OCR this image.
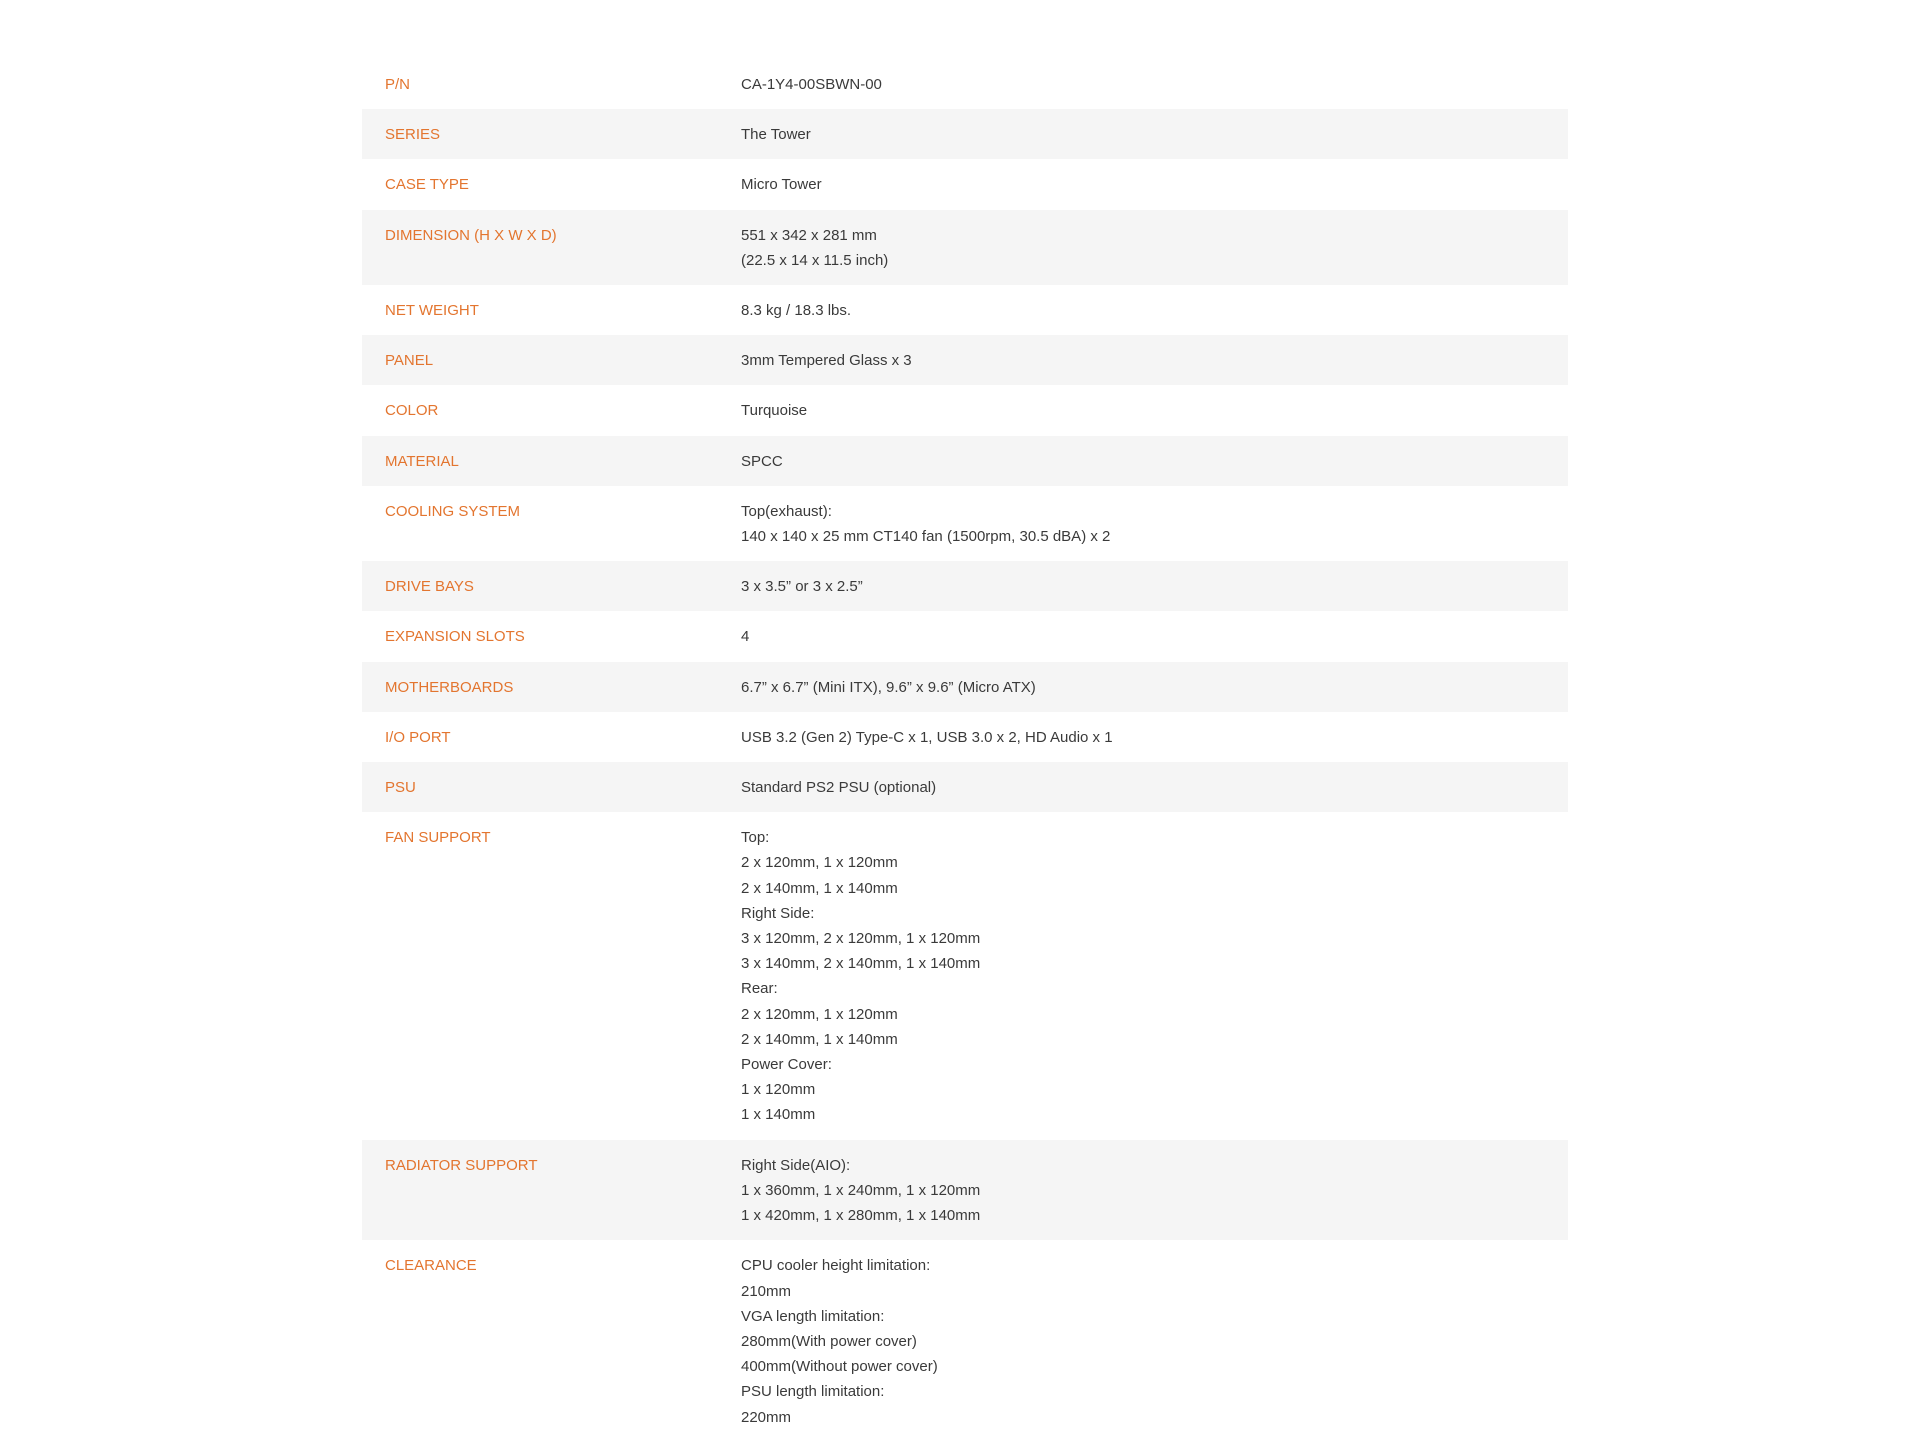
P/N	CA-1Y4-00SBWN-00
SERIES	The Tower
CASE TYPE	Micro Tower
DIMENSION (H X W X D)	551 x 342 x 281 mm
(22.5 x 14 x 11.5 inch)
NET WEIGHT	8.3 kg / 18.3 lbs.
PANEL	3mm Tempered Glass x 3
COLOR	Turquoise
MATERIAL	SPCC
COOLING SYSTEM	Top(exhaust):
140 x 140 x 25 mm CT140 fan (1500rpm, 30.5 dBA) x 2
DRIVE BAYS	3 x 3.5” or 3 x 2.5”
EXPANSION SLOTS	4
MOTHERBOARDS	6.7” x 6.7” (Mini ITX), 9.6” x 9.6” (Micro ATX)
I/O PORT	USB 3.2 (Gen 2) Type-C x 1, USB 3.0 x 2, HD Audio x 1
PSU	Standard PS2 PSU (optional)
FAN SUPPORT	Top:
2 x 120mm, 1 x 120mm
2 x 140mm, 1 x 140mm
Right Side:
3 x 120mm, 2 x 120mm, 1 x 120mm
3 x 140mm, 2 x 140mm, 1 x 140mm
Rear:
2 x 120mm, 1 x 120mm
2 x 140mm, 1 x 140mm
Power Cover:
1 x 120mm
1 x 140mm
RADIATOR SUPPORT	Right Side(AIO):
1 x 360mm, 1 x 240mm, 1 x 120mm
1 x 420mm, 1 x 280mm, 1 x 140mm
CLEARANCE	CPU cooler height limitation:
210mm
VGA length limitation:
280mm(With power cover)
400mm(Without power cover)
PSU length limitation:
220mm
